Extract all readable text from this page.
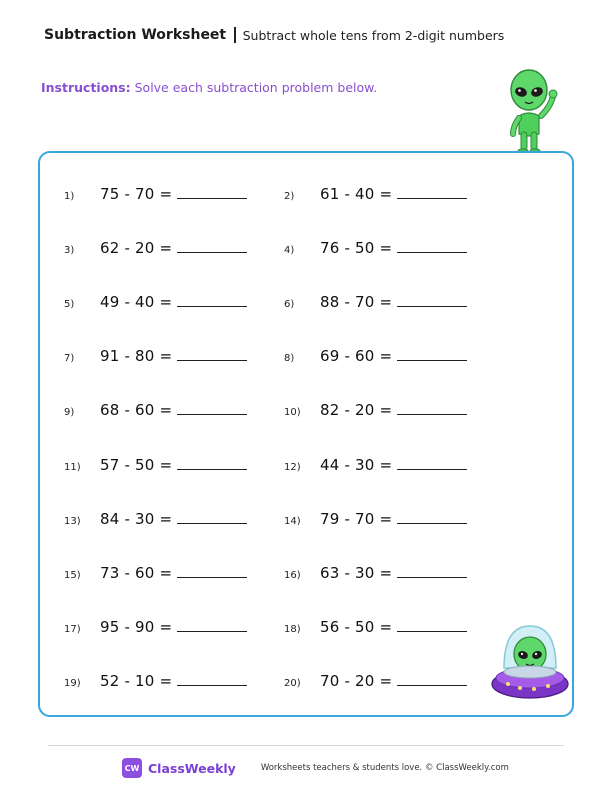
Subtraction Worksheet Subtract whole tens from 2-digit numbers
Instructions: Solve each subtraction problem below.
1)	75 - 70 =	2)	61 - 40 =
3)	62 - 20 =	4)	76 - 50 =
5)	49 - 40 =	6)	88 - 70 =
7)	91 - 80 =	8)	69 - 60 =
9)	68 - 60 =	10)	82 - 20 =
11)	57 - 50 =	12)	44 - 30 =
13)	84 - 30 =	14)	79 - 70 =
15)	73 - 60 =	16)	63 - 30 =
17)	95 - 90 =	18)	56 - 50 =
19)	52 - 10 =	20)	70 - 20 =
CW ClassWeekly	Worksheets teachers & students love. © ClassWeekly.com
